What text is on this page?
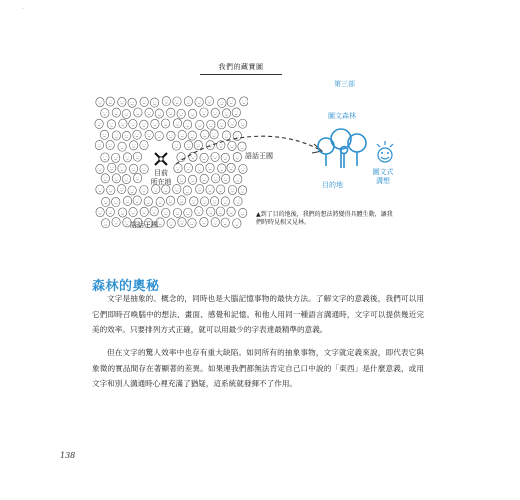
-
我們的藏寶圖
目前
所在地
語話王國
語話王國
第三部
圖文森林
目的地
圖文式
溝想
▲到了目的地後，我們的想法將變得具體生動，讓我們時時見相又見林。
森林的奧秘

文字是抽象的、概念的，同時也是大腦記憶事物的最快方法。了解文字的意義後，我們可以用它們即時召喚腦中的想法、畫面、感覺和記憶。和他人用同一種語言溝通時，文字可以提供幾近完美的效率。只要排列方式正確，就可以用最少的字表達最精準的意義。

但在文字的驚人效率中也存有重大缺陷。如同所有的抽象事物，文字就定義來說，即代表它與象徵的實品間存在著顯著的差異。如果連我們都無法肯定自己口中說的「東西」是什麼意義，或用文字和別人溝通時心裡充滿了猶疑，這系統就發揮不了作用。

138
